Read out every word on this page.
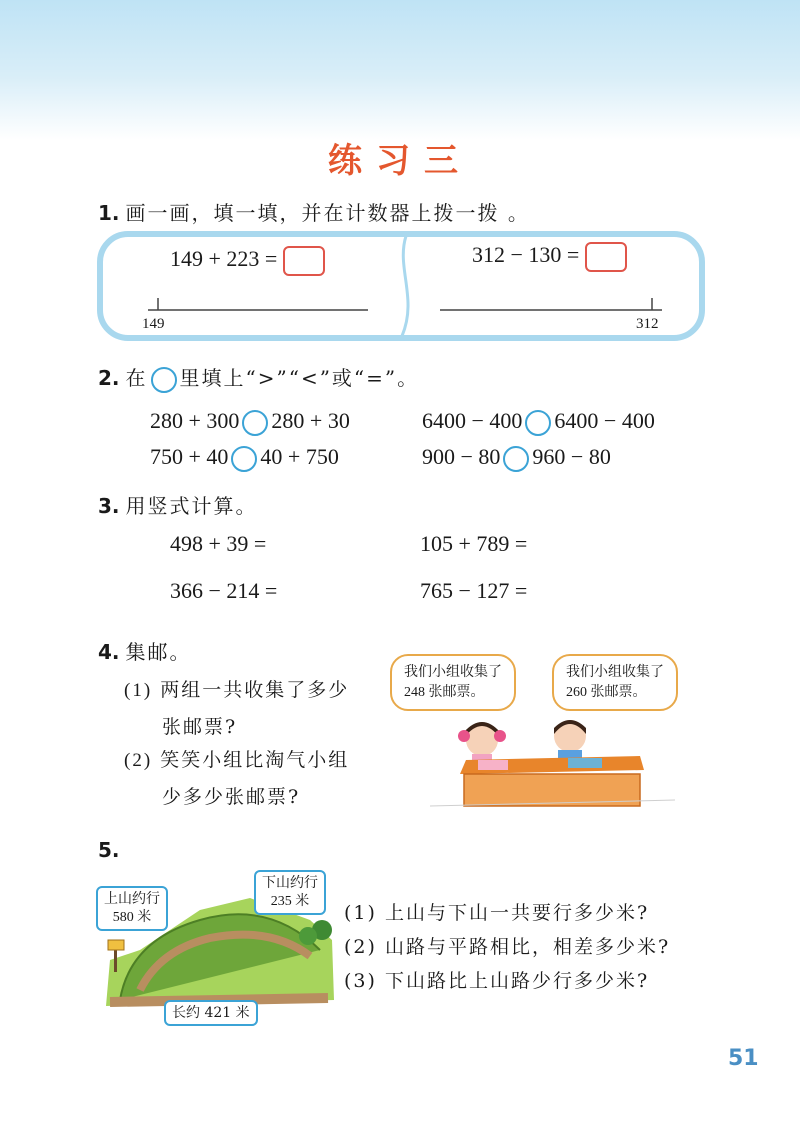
练习三
1. 画一画，填一填，并在计数器上拨一拨 。
149 + 223 =	312 − 130 =
149	312
2. 在 里填上“>”“<”或“=”。
280 + 300 280 + 30	6400 − 400 6400 − 400
750 + 40 40 + 750	900 − 80 960 − 80
3. 用竖式计算。
498 + 39 =	105 + 789 =
366 − 214 =	765 − 127 =
4. 集邮。
(1) 两组一共收集了多少
张邮票?
(2) 笑笑小组比淘气小组
少多少张邮票?
我们小组收集了
248 张邮票。
我们小组收集了
260 张邮票。
5.
上山约行
580 米
下山约行
235 米
长约 421 米
(1) 上山与下山一共要行多少米?
(2) 山路与平路相比，相差多少米?
(3) 下山路比上山路少行多少米?
51
